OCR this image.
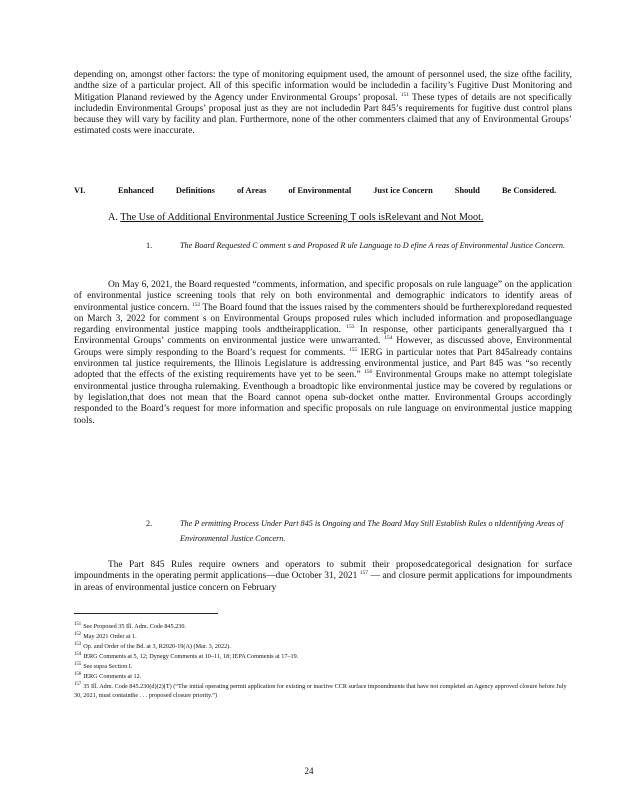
depending on, amongst other factors: the type of monitoring equipment used, the amount of personnel used, the size ofthe facility, andthe size of a particular project. All of this specific information would be includedin a facility’s Fugitive Dust Monitoring and Mitigation Planand reviewed by the Agency under Environmental Groups’ proposal. $^{151}$ These types of details are not specifically includedin Environmental Groups’ proposal just as they are not includedin Part 845’s requirements for fugitive dust control plans because they will vary by facility and plan. Furthermore, none of the other commenters claimed that any of Environmental Groups’ estimated costs were inaccurate.

VI.	Enhanced	Definitions	of Areas	of Environmental	Just ice Concern	Should	Be Considered.
A. The Use of Additional Environmental Justice Screening T ools isRelevant and Not Moot.
1.	The Board Requested C omment s and Proposed R ule Language to D efine A reas of Environmental Justice Concern.

On May 6, 2021, the Board requested “comments, information, and specific proposals on rule language” on the application of environmental justice screening tools that rely on both environmental and demographic indicators to identify areas of environmental justice concern. $^{152}$ The Board found that the issues raised by the commenters should be furtherexploredand requested on March 3, 2022 for comment s on Environmental Groups proposed rules which included information and proposedlanguage regarding environmental justice mapping tools andtheirapplication. $^{153}$ In response, other participants generallyargued tha t Environmental Groups’ comments on environmental justice were unwarranted. $^{154}$ However, as discussed above, Environmental Groups were simply responding to the Board’s request for comments. $^{155}$ IERG in particular notes that Part 845already contains environmen tal justice requirements, the Illinois Legislature is addressing environmental justice, and Part 845 was “so recently adopted that the effects of the existing requirements have yet to be seen.” $^{156}$ Environmental Groups make no attempt tolegislate environmental justice througha rulemaking. Eventhough a broadtopic like environmental justice may be covered by regulations or by legislation,that does not mean that the Board cannot opena sub-docket onthe matter. Environmental Groups accordingly responded to the Board’s request for more information and specific proposals on rule language on environmental justice mapping tools.

2.	The P ermitting Process Under Part 845 is Ongoing and The Board May Still Establish Rules o nIdentifying Areas of Environmental Justice Concern.

The Part 845 Rules require owners and operators to submit their proposedcategorical designation for surface impoundments in the operating permit applications—due October 31, 2021 $^{157}$ — and closure permit applications for impoundments in areas of environmental justice concern on February

$^{151}$ See Proposed 35 Ill. Adm. Code 845.230.

$^{152}$ May 2021 Order at 1.

$^{153}$ Op. and Order of the Bd. at 3, R2020-19(A) (Mar. 3, 2022).

$^{154}$ IERG Comments at 5, 12; Dynegy Comments at 10–11, 18; IEPA Comments at 17–19.

$^{155}$ See supra Section I.

$^{156}$ IERG Comments at 12.

$^{157}$ 35 Ill. Adm. Code 845.230(d)(2)(T) (“The initial operating permit application for existing or inactive CCR surface impoundments that have not completed an Agency approved closure before July 30, 2021, must containthe . . . proposed closure priority.”)

24
